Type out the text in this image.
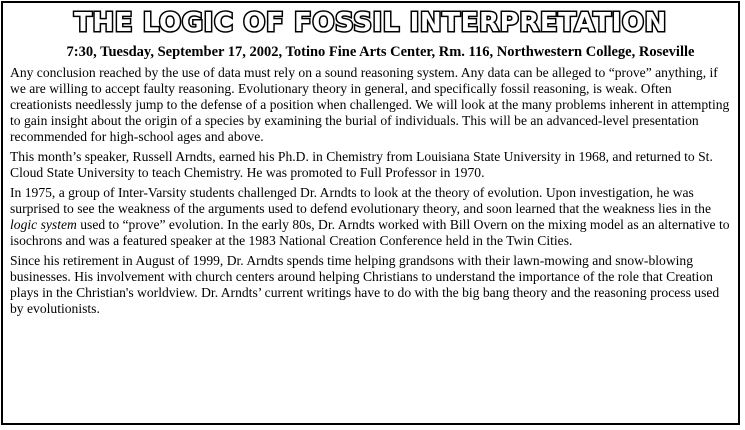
THE LOGIC OF FOSSIL INTERPRETATION
7:30, Tuesday, September 17, 2002, Totino Fine Arts Center, Rm. 116, Northwestern College, Roseville

Any conclusion reached by the use of data must rely on a sound reasoning system. Any data can be alleged to “prove” anything, if we are willing to accept faulty reasoning. Evolutionary theory in general, and specifically fossil reasoning, is weak. Often creationists needlessly jump to the defense of a position when challenged. We will look at the many problems inherent in attempting to gain insight about the origin of a species by examining the burial of individuals. This will be an advanced-level presentation recommended for high-school ages and above.

This month’s speaker, Russell Arndts, earned his Ph.D. in Chemistry from Louisiana State University in 1968, and returned to St. Cloud State University to teach Chemistry. He was promoted to Full Professor in 1970.

In 1975, a group of Inter-Varsity students challenged Dr. Arndts to look at the theory of evolution. Upon investigation, he was surprised to see the weakness of the arguments used to defend evolutionary theory, and soon learned that the weakness lies in the logic system used to “prove” evolution. In the early 80s, Dr. Arndts worked with Bill Overn on the mixing model as an alternative to isochrons and was a featured speaker at the 1983 National Creation Conference held in the Twin Cities.

Since his retirement in August of 1999, Dr. Arndts spends time helping grandsons with their lawn-mowing and snow-blowing businesses. His involvement with church centers around helping Christians to understand the importance of the role that Creation plays in the Christian's worldview. Dr. Arndts’ current writings have to do with the big bang theory and the reasoning process used by evolutionists.
